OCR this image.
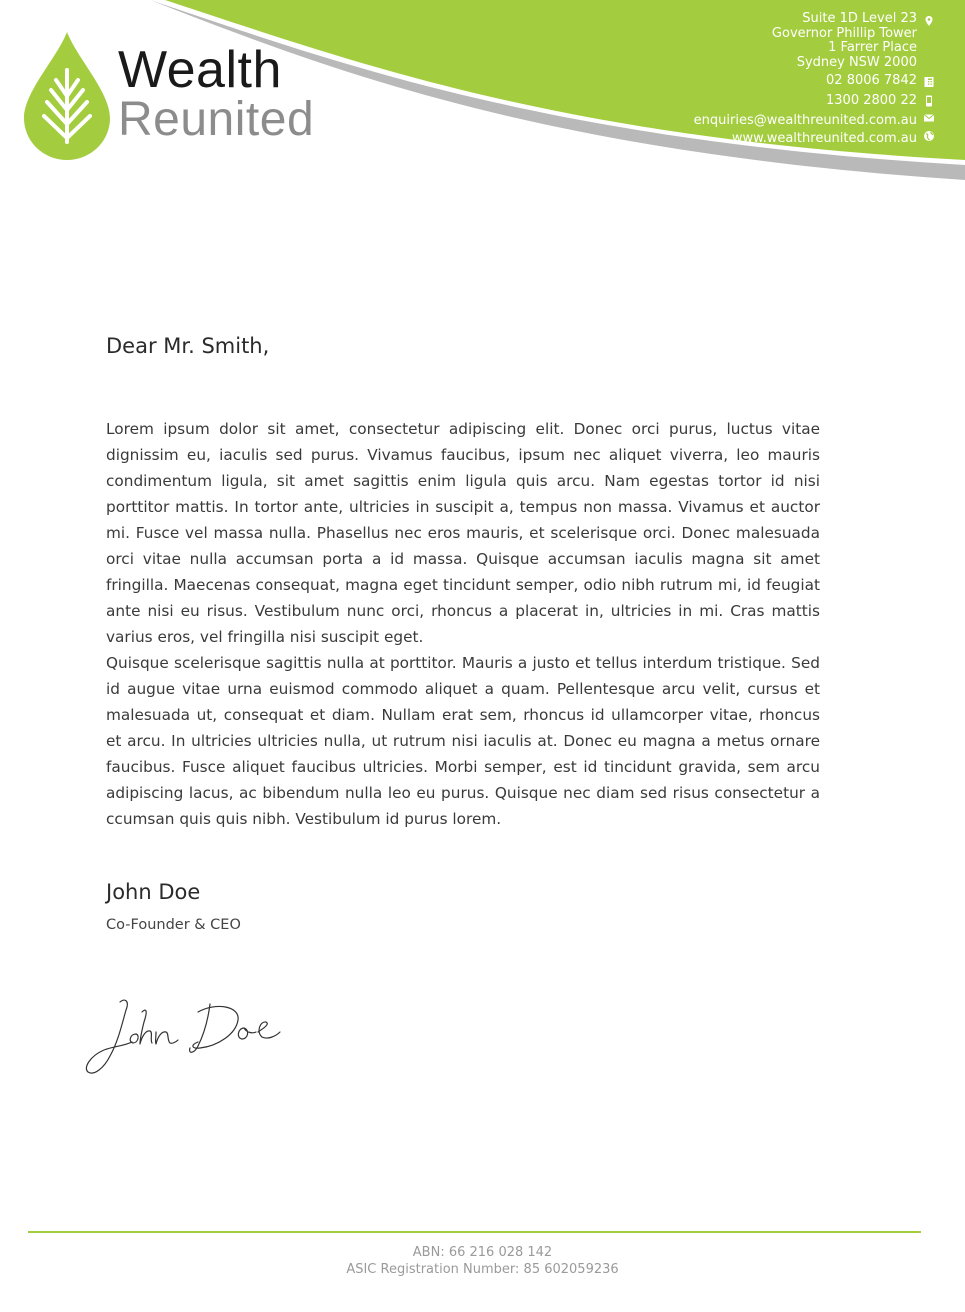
Wealth
Reunited
Suite 1D Level 23
Governor Phillip Tower
1 Farrer Place
Sydney NSW 2000
02 8006 7842
1300 2800 22
enquiries@wealthreunited.com.au
www.wealthreunited.com.au
Dear Mr. Smith,
Lorem ipsum dolor sit amet, consectetur adipiscing elit. Donec orci purus, luctus vitae dignissim eu, iaculis sed purus. Vivamus faucibus, ipsum nec aliquet viverra, leo mauris condimentum ligula, sit amet sagittis enim ligula quis arcu. Nam egestas tortor id nisi porttitor mattis. In tortor ante, ultricies in suscipit a, tempus non massa. Vivamus et auctor mi. Fusce vel massa nulla. Phasellus nec eros mauris, et scelerisque orci. Donec malesuada orci vitae nulla accumsan porta a id massa. Quisque accumsan iaculis magna sit amet fringilla. Maecenas consequat, magna eget tincidunt semper, odio nibh rutrum mi, id feugiat ante nisi eu risus. Vestibulum nunc orci, rhoncus a placerat in, ultricies in mi. Cras mattis varius eros, vel fringilla nisi suscipit eget.
Quisque scelerisque sagittis nulla at porttitor. Mauris a justo et tellus interdum tristique. Sed id augue vitae urna euismod commodo aliquet a quam. Pellentesque arcu velit, cursus et malesuada ut, consequat et diam. Nullam erat sem, rhoncus id ullamcorper vitae, rhoncus et arcu. In ultricies ultricies nulla, ut rutrum nisi iaculis at. Donec eu magna a metus ornare faucibus. Fusce aliquet faucibus ultricies. Morbi semper, est id tincidunt gravida, sem arcu adipiscing lacus, ac bibendum nulla leo eu purus. Quisque nec diam sed risus consectetur a ccumsan quis quis nibh. Vestibulum id purus lorem.
John Doe
Co-Founder & CEO
ABN: 66 216 028 142
ASIC Registration Number: 85 602059236
